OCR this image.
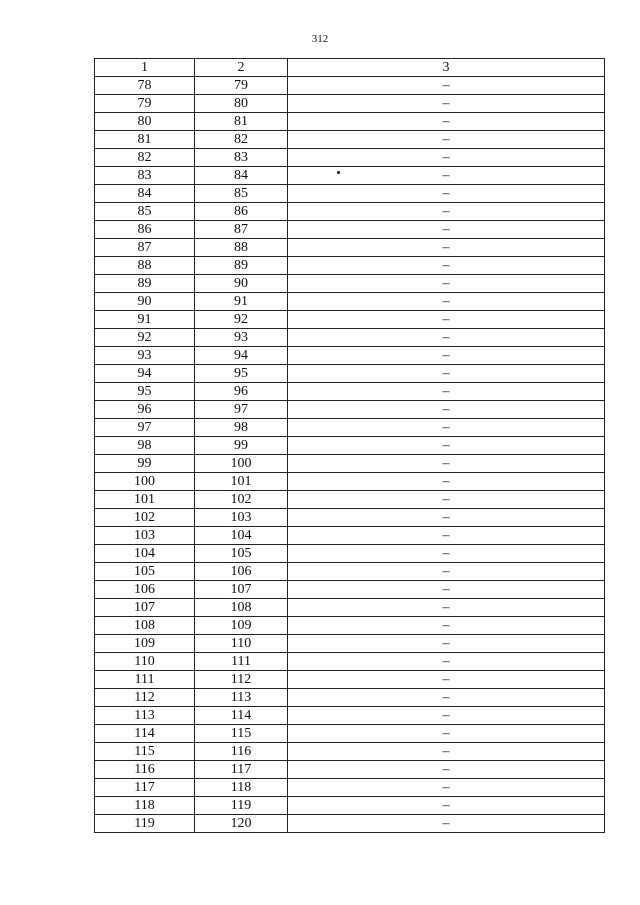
312
1	2	3
78	79	–
79	80	–
80	81	–
81	82	–
82	83	–
83	84	–
84	85	–
85	86	–
86	87	–
87	88	–
88	89	–
89	90	–
90	91	–
91	92	–
92	93	–
93	94	–
94	95	–
95	96	–
96	97	–
97	98	–
98	99	–
99	100	–
100	101	–
101	102	–
102	103	–
103	104	–
104	105	–
105	106	–
106	107	–
107	108	–
108	109	–
109	110	–
110	111	–
111	112	–
112	113	–
113	114	–
114	115	–
115	116	–
116	117	–
117	118	–
118	119	–
119	120	–
